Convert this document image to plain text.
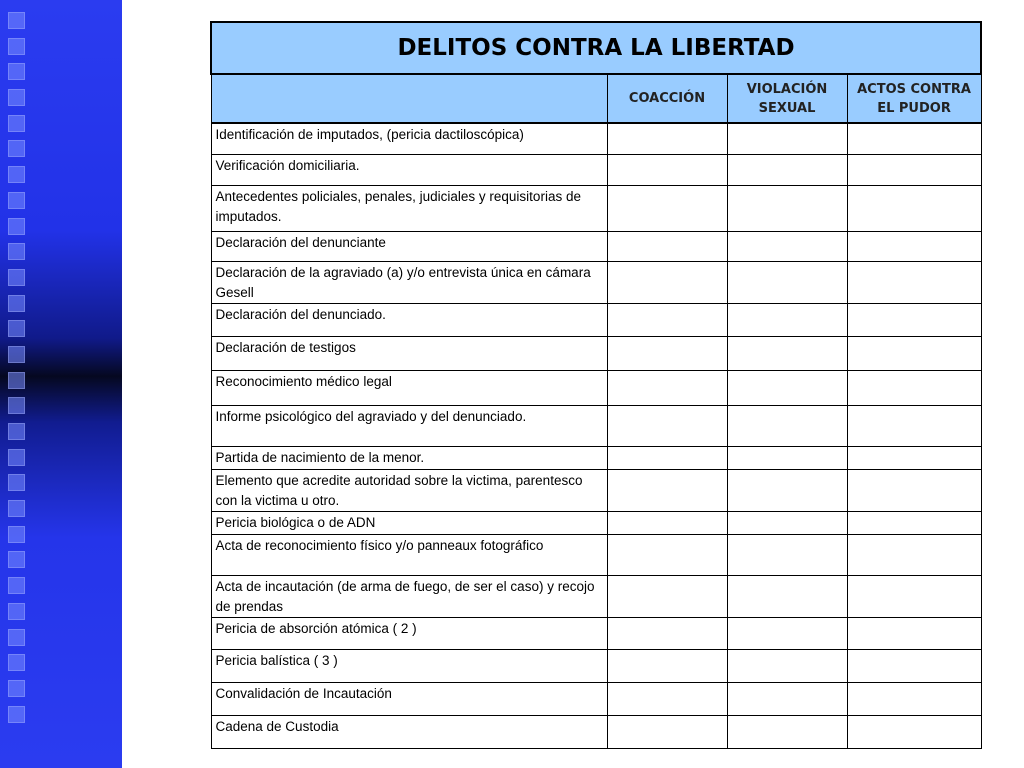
DELITOS CONTRA LA LIBERTAD			
	COACCIÓN	VIOLACIÓN SEXUAL	ACTOS CONTRA EL PUDOR
Identificación de imputados, (pericia dactiloscópica)			
Verificación domiciliaria.			
Antecedentes policiales, penales, judiciales y requisitorias de imputados.			
Declaración del denunciante			
Declaración de la agraviado (a) y/o entrevista única en cámara Gesell			
Declaración del denunciado.			
Declaración de testigos			
Reconocimiento médico legal			
Informe psicológico del agraviado y del denunciado.			
Partida de nacimiento de la menor.			
Elemento que acredite autoridad sobre la victima, parentesco con la victima u otro.			
Pericia biológica o de ADN			
Acta de reconocimiento físico y/o panneaux fotográfico			
Acta de incautación (de arma de fuego, de ser el caso) y recojo de prendas			
Pericia de absorción atómica ( 2 )			
Pericia balística ( 3 )			
Convalidación de Incautación			
Cadena de Custodia			
